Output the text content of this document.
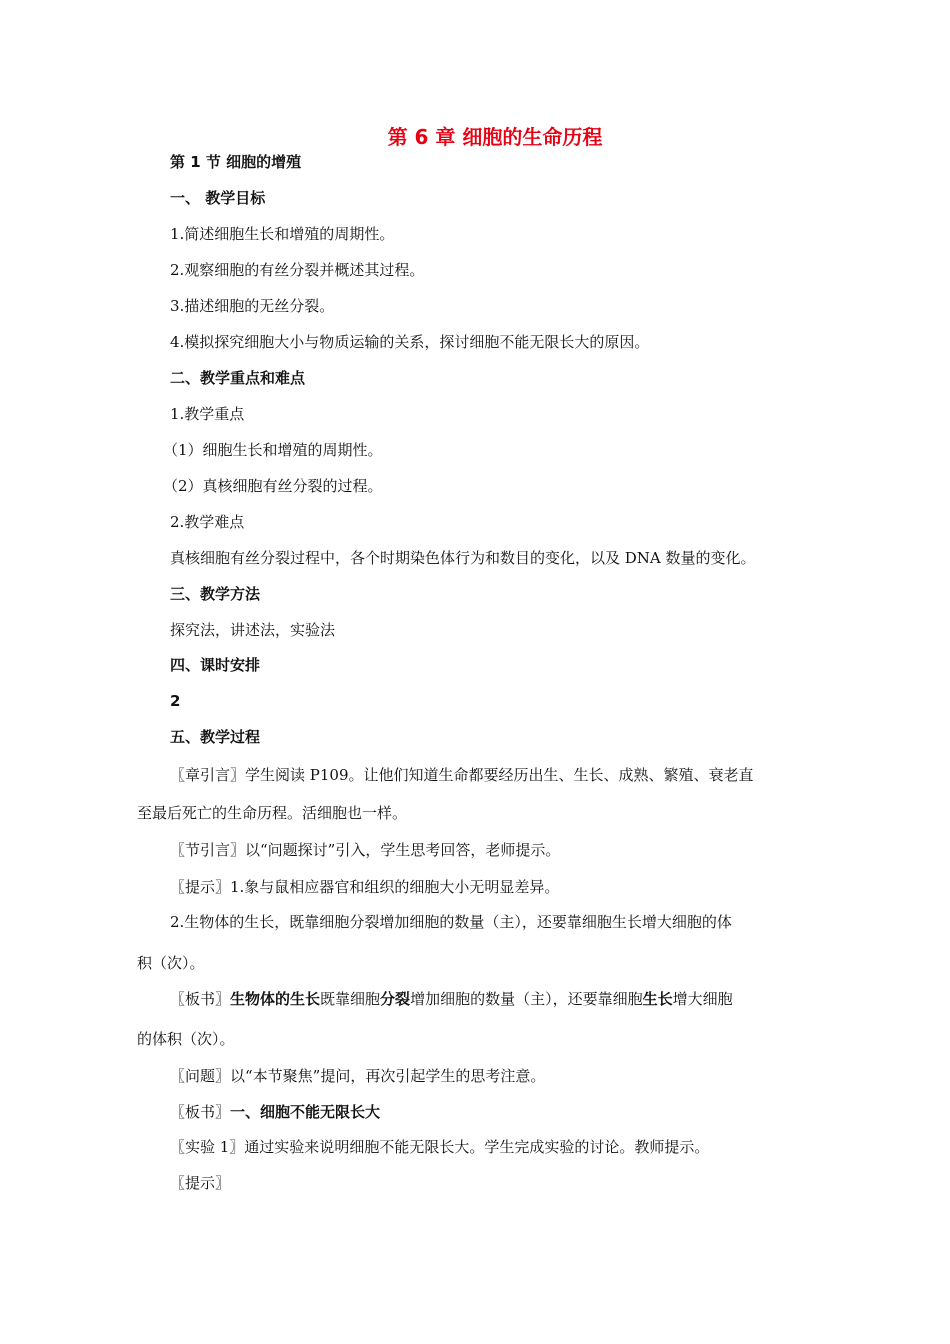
第 6 章 细胞的生命历程
第 1 节 细胞的增殖
一、 教学目标
1.简述细胞生长和增殖的周期性。
2.观察细胞的有丝分裂并概述其过程。
3.描述细胞的无丝分裂。
4.模拟探究细胞大小与物质运输的关系，探讨细胞不能无限长大的原因。
二、教学重点和难点
1.教学重点
（1）细胞生长和增殖的周期性。
（2）真核细胞有丝分裂的过程。
2.教学难点
真核细胞有丝分裂过程中，各个时期染色体行为和数目的变化，以及 DNA 数量的变化。
三、教学方法
探究法，讲述法，实验法
四、课时安排
2
五、教学过程
〖章引言〗学生阅读 P109。让他们知道生命都要经历出生、生长、成熟、繁殖、衰老直
至最后死亡的生命历程。活细胞也一样。
〖节引言〗以“问题探讨”引入，学生思考回答，老师提示。
〖提示〗1.象与鼠相应器官和组织的细胞大小无明显差异。
2.生物体的生长，既靠细胞分裂增加细胞的数量（主），还要靠细胞生长增大细胞的体
积（次）。
〖板书〗生物体的生长既靠细胞分裂增加细胞的数量（主），还要靠细胞生长增大细胞
的体积（次）。
〖问题〗以“本节聚焦”提问，再次引起学生的思考注意。
〖板书〗一、细胞不能无限长大
〖实验 1〗通过实验来说明细胞不能无限长大。学生完成实验的讨论。教师提示。
〖提示〗
